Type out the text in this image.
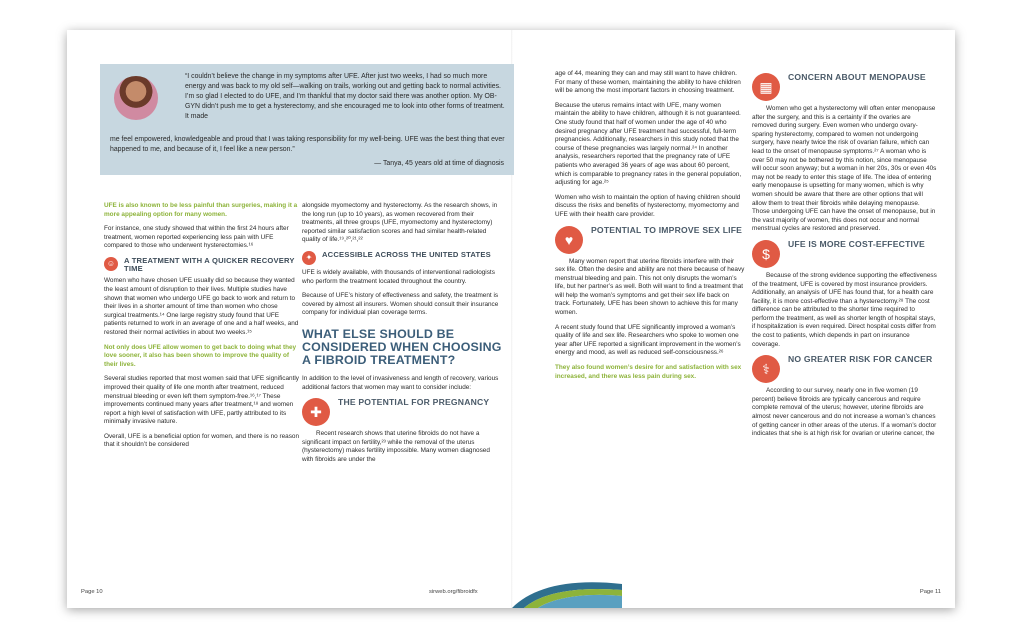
“I couldn’t believe the change in my symptoms after UFE. After just two weeks, I had so much more energy and was back to my old self—walking on trails, working out and getting back to normal activities. I’m so glad I elected to do UFE, and I’m thankful that my doctor said there was another option. My OB-GYN didn’t push me to get a hysterectomy, and she encouraged me to look into other forms of treatment. It made
me feel empowered, knowledgeable and proud that I was taking responsibility for my well-being. UFE was the best thing that ever happened to me, and because of it, I feel like a new person.”
— Tanya, 45 years old at time of diagnosis

UFE is also known to be less painful than surgeries, making it a more appealing option for many women.

For instance, one study showed that within the first 24 hours after treatment, women reported experiencing less pain with UFE compared to those who underwent hysterectomies.¹⁶

☺	A TREATMENT WITH A QUICKER RECOVERY TIME

Women who have chosen UFE usually did so because they wanted the least amount of disruption to their lives. Multiple studies have shown that women who undergo UFE go back to work and return to their lives in a shorter amount of time than women who chose surgical treatments.¹⁴ One large registry study found that UFE patients returned to work in an average of one and a half weeks, and restored their normal activities in about two weeks.¹⁵

Not only does UFE allow women to get back to doing what they love sooner, it also has been shown to improve the quality of their lives.

Several studies reported that most women said that UFE significantly improved their quality of life one month after treatment, reduced menstrual bleeding or even left them symptom-free.¹⁶,¹⁷ These improvements continued many years after treatment,¹⁸ and women report a high level of satisfaction with UFE, partly attributed to its minimally invasive nature.

Overall, UFE is a beneficial option for women, and there is no reason that it shouldn’t be considered

alongside myomectomy and hysterectomy. As the research shows, in the long run (up to 10 years), as women recovered from their treatments, all three groups (UFE, myomectomy and hysterectomy) reported similar satisfaction scores and had similar health-related quality of life.¹⁹,²⁰,²¹,²²

✦	ACCESSIBLE ACROSS THE UNITED STATES

UFE is widely available, with thousands of interventional radiologists who perform the treatment located throughout the country.

Because of UFE’s history of effectiveness and safety, the treatment is covered by almost all insurers. Women should consult their insurance company for individual plan coverage terms.

WHAT ELSE SHOULD BE CONSIDERED WHEN CHOOSING A FIBROID TREATMENT?

In addition to the level of invasiveness and length of recovery, various additional factors that women may want to consider include:

✚
THE POTENTIAL FOR PREGNANCY

Recent research shows that uterine fibroids do not have a significant impact on fertility,²³ while the removal of the uterus (hysterectomy) makes fertility impossible. Many women diagnosed with fibroids are under the

age of 44, meaning they can and may still want to have children. For many of these women, maintaining the ability to have children will be among the most important factors in choosing treatment.

Because the uterus remains intact with UFE, many women maintain the ability to have children, although it is not guaranteed. One study found that half of women under the age of 40 who desired pregnancy after UFE treatment had successful, full-term pregnancies. Additionally, researchers in this study noted that the course of these pregnancies was largely normal.²⁴ In another analysis, researchers reported that the pregnancy rate of UFE patients who averaged 36 years of age was about 60 percent, which is comparable to pregnancy rates in the general population, adjusting for age.²⁵

Women who wish to maintain the option of having children should discuss the risks and benefits of hysterectomy, myomectomy and UFE with their health care provider.

♥
POTENTIAL TO IMPROVE SEX LIFE

Many women report that uterine fibroids interfere with their sex life. Often the desire and ability are not there because of heavy menstrual bleeding and pain. This not only disrupts the woman’s life, but her partner’s as well. Both will want to find a treatment that will help the woman’s symptoms and get their sex life back on track. Fortunately, UFE has been shown to achieve this for many women.

A recent study found that UFE significantly improved a woman’s quality of life and sex life. Researchers who spoke to women one year after UFE reported a significant improvement in the women’s energy and mood, as well as reduced self-consciousness.²⁶

They also found women’s desire for and satisfaction with sex increased, and there was less pain during sex.

▦
CONCERN ABOUT MENOPAUSE

Women who get a hysterectomy will often enter menopause after the surgery, and this is a certainty if the ovaries are removed during surgery. Even women who undergo ovary-sparing hysterectomy, compared to women not undergoing surgery, have nearly twice the risk of ovarian failure, which can lead to the onset of menopause symptoms.²⁷ A woman who is over 50 may not be bothered by this notion, since menopause will occur soon anyway; but a woman in her 20s, 30s or even 40s may not be ready to enter this stage of life. The idea of entering early menopause is upsetting for many women, which is why women should be aware that there are other options that will allow them to treat their fibroids while delaying menopause. Those undergoing UFE can have the onset of menopause, but in the vast majority of women, this does not occur and normal menstrual cycles are restored and preserved.

$
UFE IS MORE COST-EFFECTIVE

Because of the strong evidence supporting the effectiveness of the treatment, UFE is covered by most insurance providers. Additionally, an analysis of UFE has found that, for a health care facility, it is more cost-effective than a hysterectomy.²⁸ The cost difference can be attributed to the shorter time required to perform the treatment, as well as shorter length of hospital stays, if hospitalization is even required. Direct hospital costs differ from the cost to patients, which depends in part on insurance coverage.

⚕
NO GREATER RISK FOR CANCER

According to our survey, nearly one in five women (19 percent) believe fibroids are typically cancerous and require complete removal of the uterus; however, uterine fibroids are almost never cancerous and do not increase a woman’s chances of getting cancer in other areas of the uterus. If a woman’s doctor indicates that she is at high risk for ovarian or uterine cancer, the

Page 10	sirweb.org/fibroidfx	Page 11
